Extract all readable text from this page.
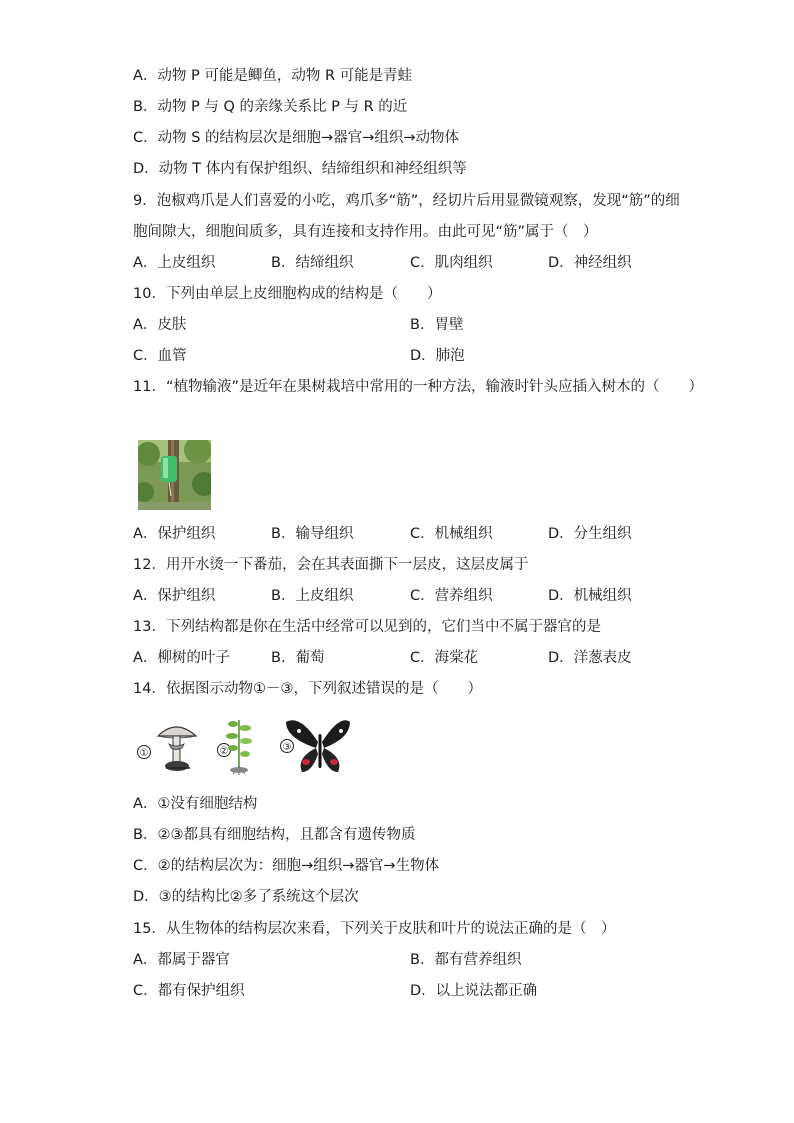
A．动物 P 可能是鲫鱼，动物 R 可能是青蛙
B．动物 P 与 Q 的亲缘关系比 P 与 R 的近
C．动物 S 的结构层次是细胞→器官→组织→动物体
D．动物 T 体内有保护组织、结缔组织和神经组织等
9．泡椒鸡爪是人们喜爱的小吃，鸡爪多“筋”，经切片后用显微镜观察，发现“筋”的细
胞间隙大，细胞间质多，具有连接和支持作用。由此可见“筋”属于（　）
A．上皮组织	B．结缔组织	C．肌肉组织	D．神经组织
10．下列由单层上皮细胞构成的结构是（　　）
A．皮肤	B．胃壁
C．血管	D．肺泡
11．“植物输液”是近年在果树栽培中常用的一种方法，输液时针头应插入树木的（　　）
A．保护组织	B．输导组织	C．机械组织	D．分生组织
12．用开水烫一下番茄，会在其表面撕下一层皮，这层皮属于
A．保护组织	B．上皮组织	C．营养组织	D．机械组织
13．下列结构都是你在生活中经常可以见到的，它们当中不属于器官的是
A．柳树的叶子	B．葡萄	C．海棠花	D．洋葱表皮
14．依据图示动物①－③，下列叙述错误的是（　　）
①	②	③
A．①没有细胞结构
B．②③都具有细胞结构，且都含有遗传物质
C．②的结构层次为：细胞→组织→器官→生物体
D．③的结构比②多了系统这个层次
15．从生物体的结构层次来看，下列关于皮肤和叶片的说法正确的是（　）
A．都属于器官	B．都有营养组织
C．都有保护组织	D．以上说法都正确
